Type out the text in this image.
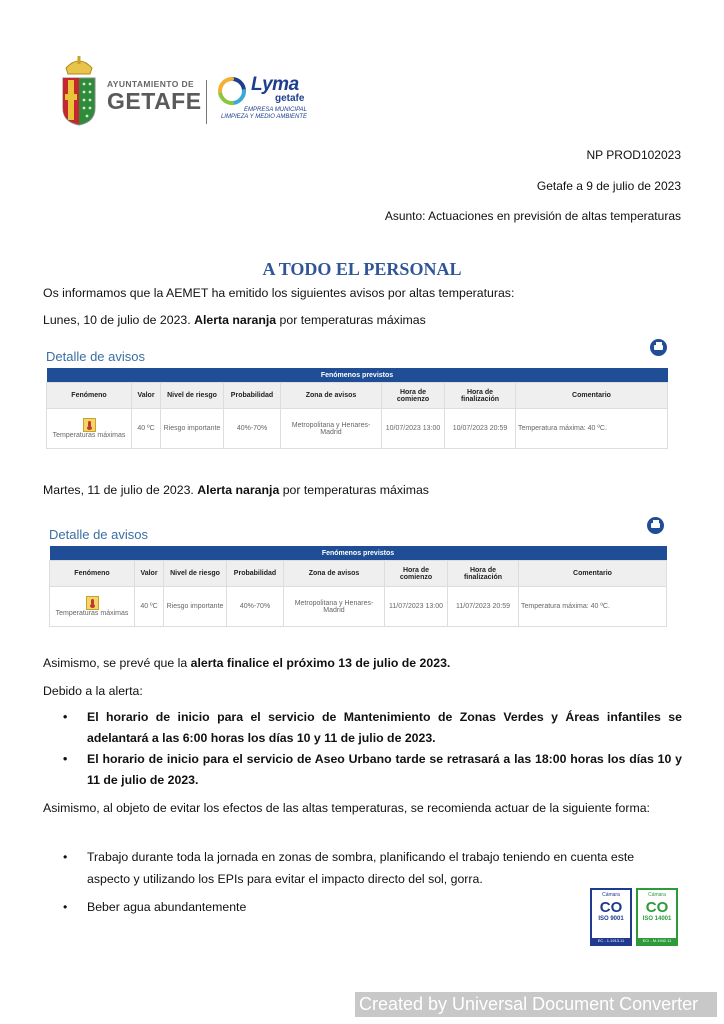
AYUNTAMIENTO DE
GETAFE
Lyma
getafe
EMPRESA MUNICIPAL
LIMPIEZA Y MEDIO AMBIENTE
NP PROD102023
Getafe a 9 de julio de 2023
Asunto: Actuaciones en previsión de altas temperaturas
A TODO EL PERSONAL
Os informamos que la AEMET ha emitido los siguientes avisos por altas temperaturas:
Lunes, 10 de julio de 2023. Alerta naranja por temperaturas máximas
Detalle de avisos
Fenómenos previstos							
Fenómeno	Valor	Nivel de riesgo	Probabilidad	Zona de avisos	Hora de comienzo	Hora de finalización	Comentario

Temperaturas máximas	40 ºC	Riesgo importante	40%-70%	Metropolitana y Henares-Madrid	10/07/2023 13:00	10/07/2023 20:59	Temperatura máxima: 40 ºC.
Martes, 11 de julio de 2023. Alerta naranja por temperaturas máximas
Detalle de avisos
Fenómenos previstos							
Fenómeno	Valor	Nivel de riesgo	Probabilidad	Zona de avisos	Hora de comienzo	Hora de finalización	Comentario

Temperaturas máximas	40 ºC	Riesgo importante	40%-70%	Metropolitana y Henares-Madrid	11/07/2023 13:00	11/07/2023 20:59	Temperatura máxima: 40 ºC.
Asimismo, se prevé que la alerta finalice el próximo 13 de julio de 2023.
Debido a la alerta:
• El horario de inicio para el servicio de Mantenimiento de Zonas Verdes y Áreas infantiles se adelantará a las 6:00 horas los días 10 y 11 de julio de 2023.
• El horario de inicio para el servicio de Aseo Urbano tarde se retrasará a las 18:00 horas los días 10 y 11 de julio de 2023.
Asimismo, al objeto de evitar los efectos de las altas temperaturas, se recomienda actuar de la siguiente forma:
• Trabajo durante toda la jornada en zonas de sombra, planificando el trabajo teniendo en cuenta este aspecto y utilizando los EPIs para evitar el impacto directo del sol, gorra.
• Beber agua abundantemente
Cámara
CO
ISO 9001
EC - 1.1913.11
Cámara
CO
ISO 14001
ECI - M.1942.11
Created by Universal Document Converter
